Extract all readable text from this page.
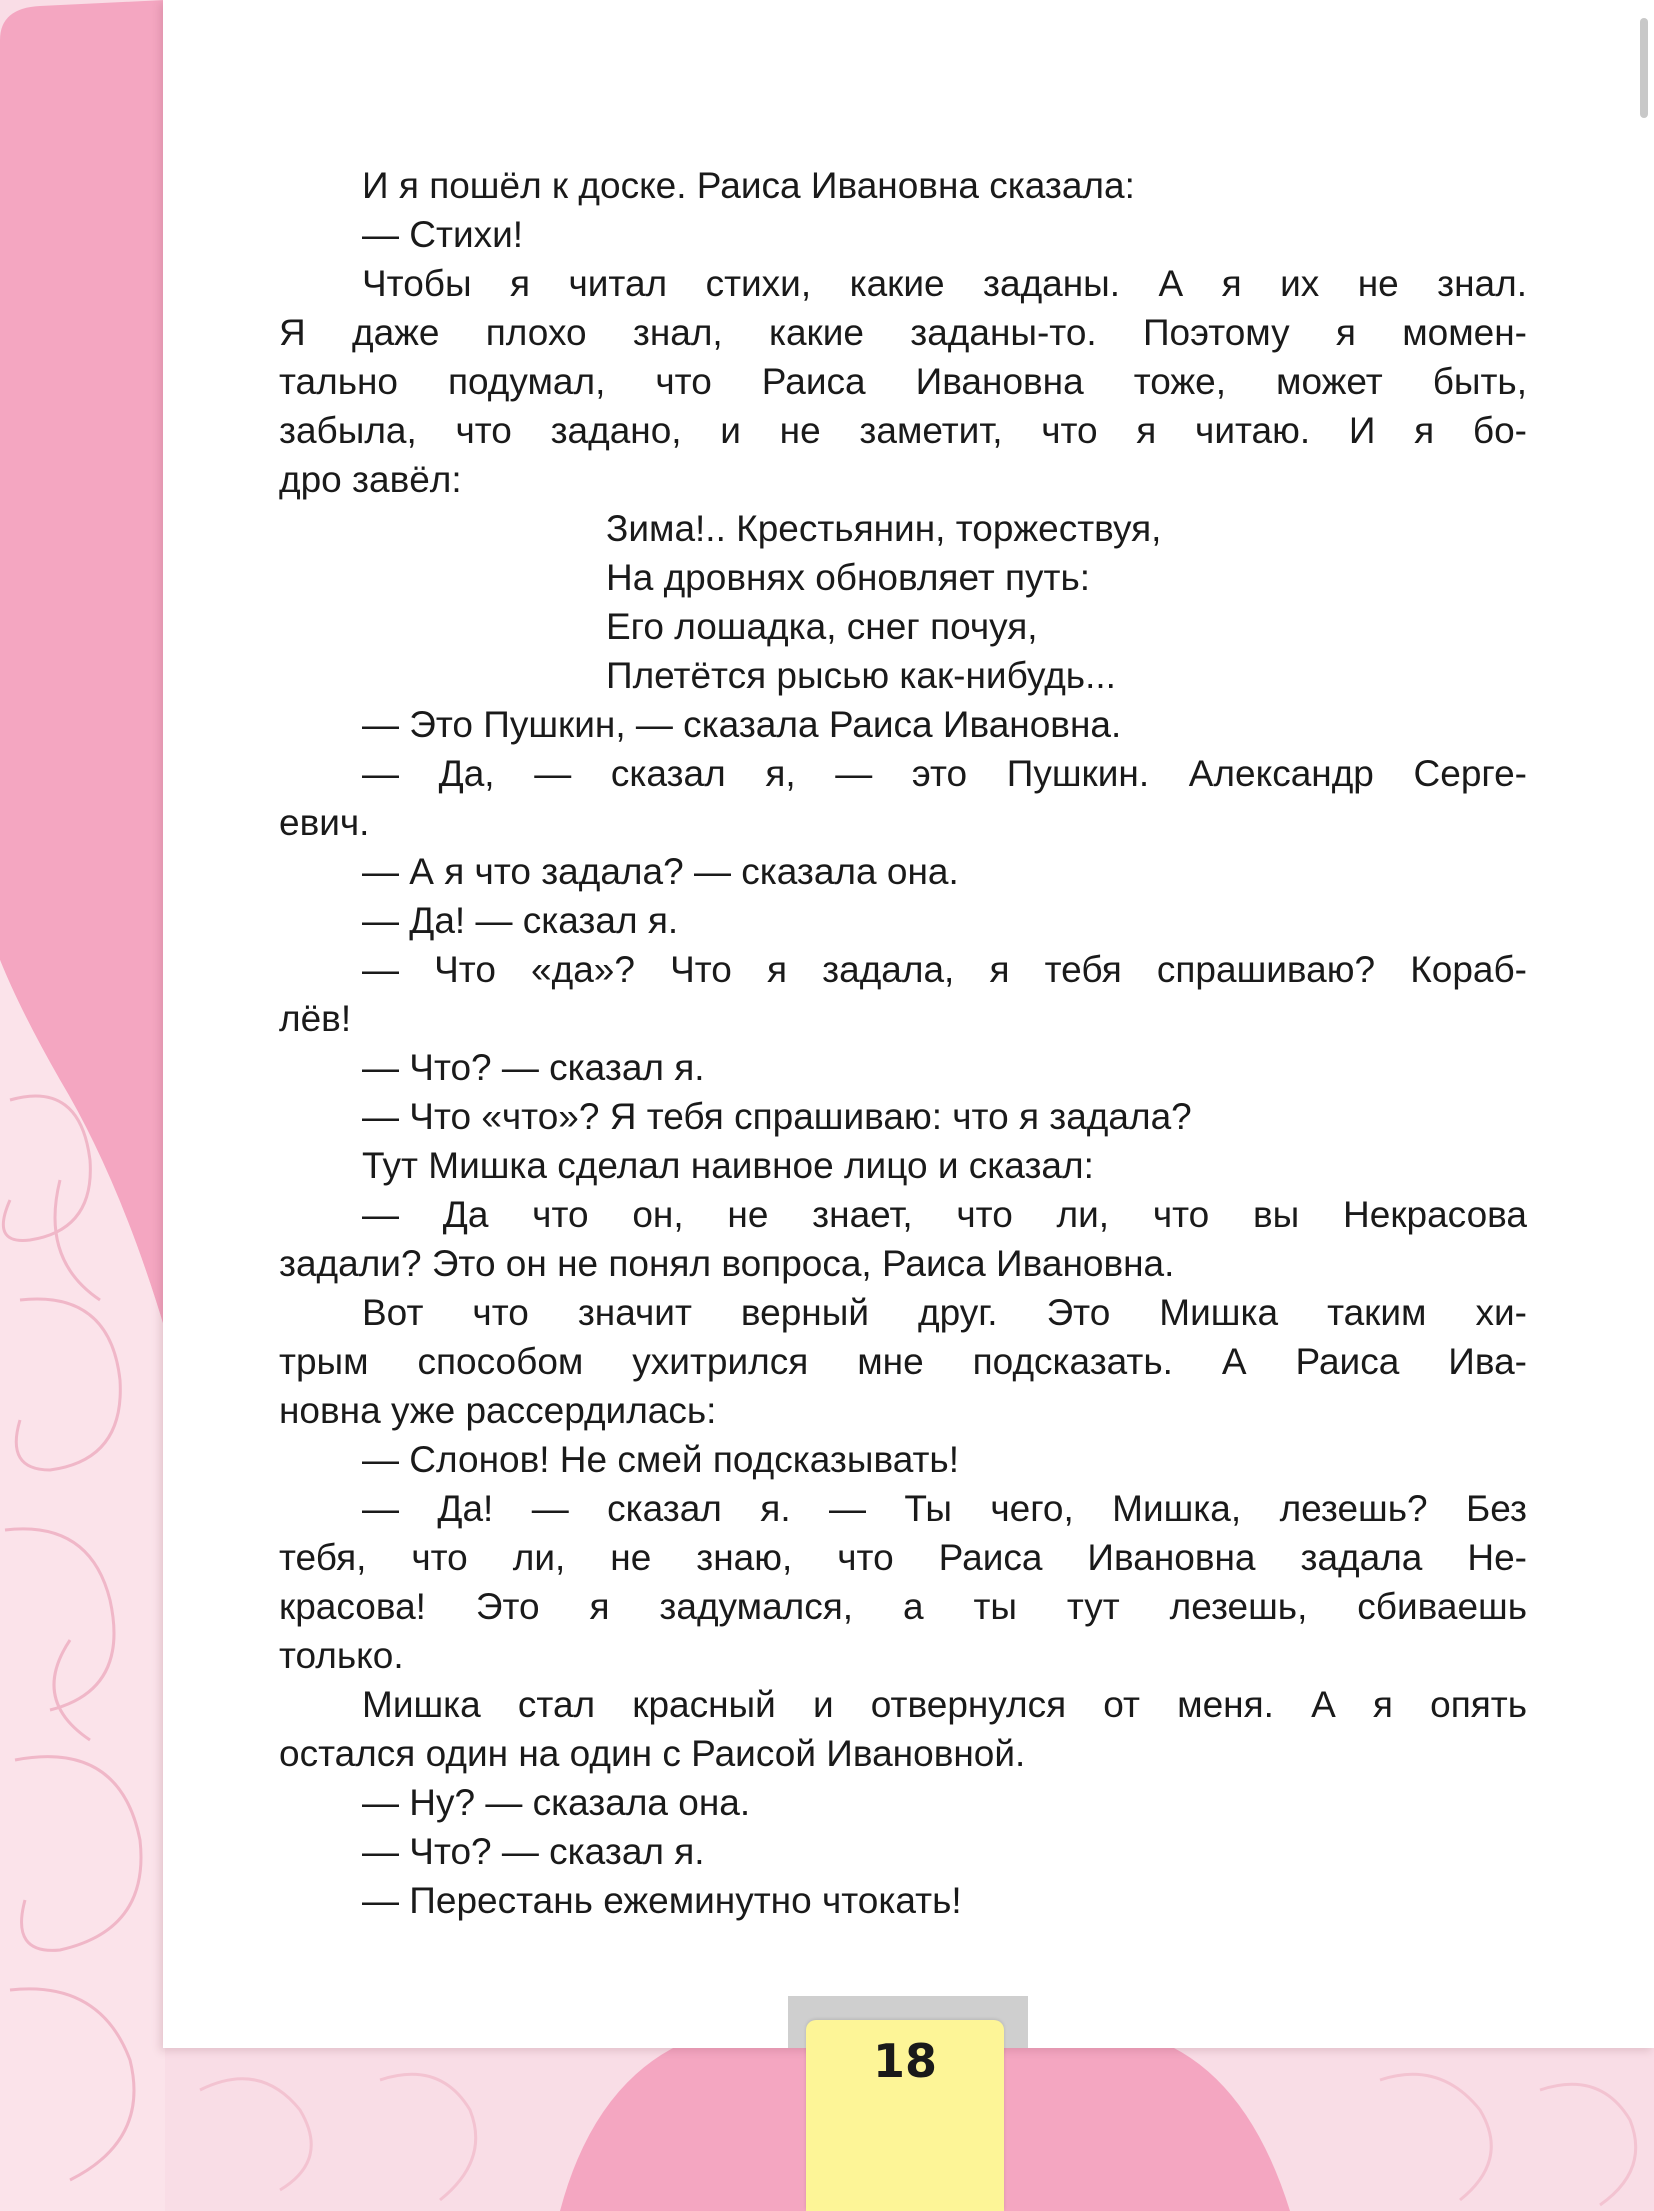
И я пошёл к доске. Раиса Ивановна сказала:
— Стихи!
Чтобы я читал стихи, какие заданы. А я их не знал.
Я даже плохо знал, какие заданы-то. Поэтому я момен-
тально подумал, что Раиса Ивановна тоже, может быть,
забыла, что задано, и не заметит, что я читаю. И я бо-
дро завёл:
Зима!.. Крестьянин, торжествуя,
На дровнях обновляет путь:
Его лошадка, снег почуя,
Плетётся рысью как-нибудь...
— Это Пушкин, — сказала Раиса Ивановна.
— Да, — сказал я, — это Пушкин. Александр Серге-
евич.
— А я что задала? — сказала она.
— Да! — сказал я.
— Что «да»? Что я задала, я тебя спрашиваю? Кораб-
лёв!
— Что? — сказал я.
— Что «что»? Я тебя спрашиваю: что я задала?
Тут Мишка сделал наивное лицо и сказал:
— Да что он, не знает, что ли, что вы Некрасова
задали? Это он не понял вопроса, Раиса Ивановна.
Вот что значит верный друг. Это Мишка таким хи-
трым способом ухитрился мне подсказать. А Раиса Ива-
новна уже рассердилась:
— Слонов! Не смей подсказывать!
— Да! — сказал я. — Ты чего, Мишка, лезешь? Без
тебя, что ли, не знаю, что Раиса Ивановна задала Не-
красова! Это я задумался, а ты тут лезешь, сбиваешь
только.
Мишка стал красный и отвернулся от меня. А я опять
остался один на один с Раисой Ивановной.
— Ну? — сказала она.
— Что? — сказал я.
— Перестань ежеминутно чтокать!
18
